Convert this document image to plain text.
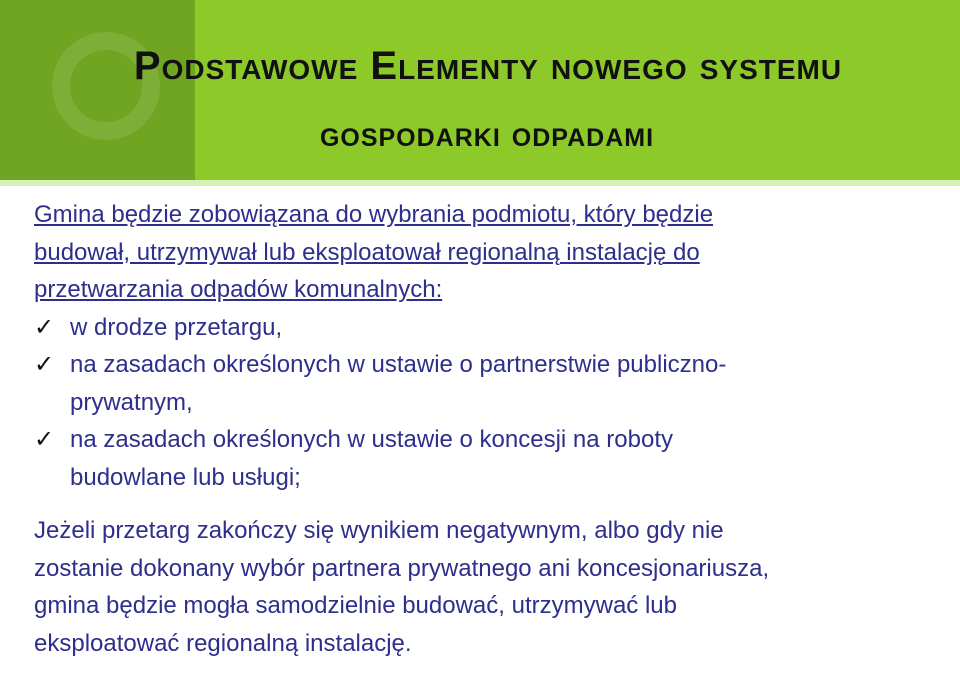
Podstawowe Elementy nowego systemu
gospodarki odpadami

Gmina będzie zobowiązana do wybrania podmiotu, który będzie
budował, utrzymywał lub eksploatował regionalną instalację do
przetwarzania odpadów komunalnych:

✓ w drodze przetargu,
✓ na zasadach określonych w ustawie o partnerstwie publiczno-
prywatnym,
✓ na zasadach określonych w ustawie o koncesji na roboty
budowlane lub usługi;

Jeżeli przetarg zakończy się wynikiem negatywnym, albo gdy nie
zostanie dokonany wybór partnera prywatnego ani koncesjonariusza,
gmina będzie mogła samodzielnie budować, utrzymywać lub
eksploatować regionalną instalację.
